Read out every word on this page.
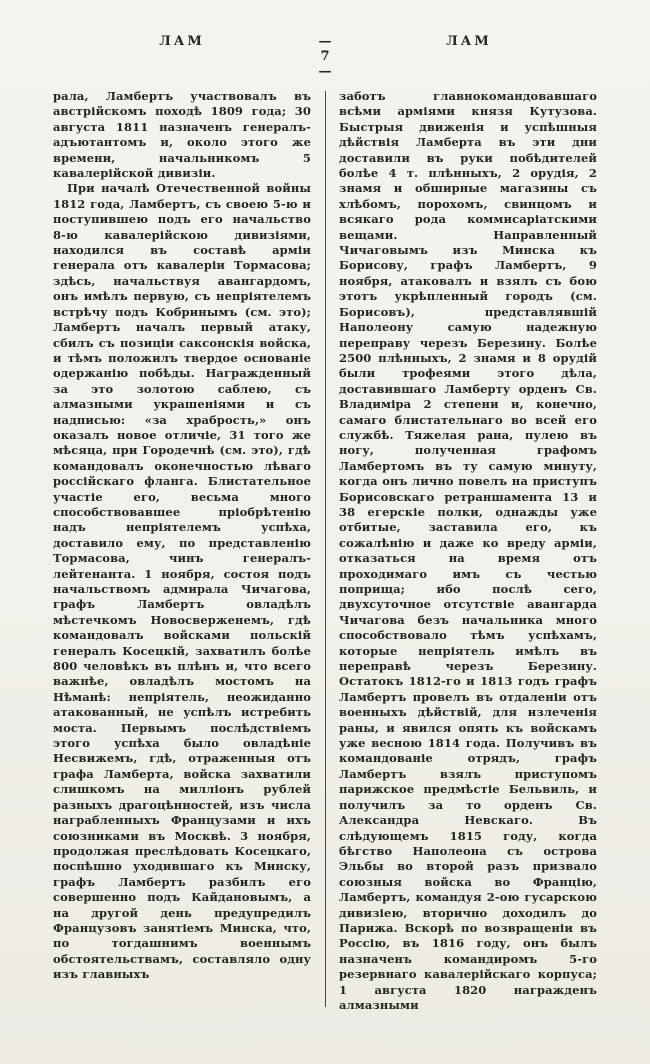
ЛАМ	— 7 —
ЛАМ

рала, Ламбертъ участвовалъ въ австрійскомъ походѣ 1809 года; 30 августа 1811 назначенъ генералъ-адъютантомъ и, около этого же времени, начальникомъ 5 кавалерійской дивизіи.

При началѣ Отечественной войны 1812 года, Ламбертъ, съ своею 5-ю и поступившею подъ его начальство 8-ю кавалерійскою дивизіями, находился въ составѣ арміи генерала отъ кавалеріи Тормасова; здѣсь, начальствуя авангардомъ, онъ имѣлъ первую, съ непріятелемъ встрѣчу подъ Кобринымъ (см. это); Ламбертъ началъ первый атаку, сбилъ съ позиціи саксонскія войска, и тѣмъ положилъ твердое основаніе одержанію побѣды. Награжденный за это золотою саблею, съ алмазными украшеніями и съ надписью: «за храбрость,» онъ оказалъ новое отличіе, 31 того же мѣсяца, при Городечнѣ (см. это), гдѣ командовалъ оконечностью лѣваго россійскаго фланга. Блистательное участіе его, весьма много способствовавшее пріобрѣтенію надъ непріятелемъ успѣха, доставило ему, по представленію Тормасова, чинъ генералъ-лейтенанта. 1 ноября, состоя подъ начальствомъ адмирала Чичагова, графъ Ламбертъ овладѣлъ мѣстечкомъ Новосверженемъ, гдѣ командовалъ войсками польскій генералъ Косецкій, захватилъ болѣе 800 человѣкъ въ плѣнъ и, что всего важнѣе, овладѣлъ мостомъ на Нѣманѣ: непріятель, неожиданно атакованный, не успѣлъ истребить моста. Первымъ послѣдствіемъ этого успѣха было овладѣніе Несвижемъ, гдѣ, отраженныя отъ графа Ламберта, войска захватили слишкомъ на милліонъ рублей разныхъ драгоцѣнностей, изъ числа награбленныхъ Французами и ихъ союзниками въ Москвѣ. 3 ноября, продолжая преслѣдовать Косецкаго, поспѣшно уходившаго къ Минску, графъ Ламбертъ разбилъ его совершенно подъ Кайдановымъ, а на другой день предупредилъ Французовъ занятіемъ Минска, что, по тогдашнимъ военнымъ обстоятельствамъ, составляло одну изъ главныхъ

заботъ главнокомандовавшаго всѣми арміями князя Кутузова. Быстрыя движенія и успѣшныя дѣйствія Ламберта въ эти дни доставили въ руки побѣдителей болѣе 4 т. плѣнныхъ, 2 орудія, 2 знамя и обширные магазины съ хлѣбомъ, порохомъ, свинцомъ и всякаго рода коммисаріатскими вещами. Направленный Чичаговымъ изъ Минска къ Борисову, графъ Ламбертъ, 9 ноября, атаковалъ и взялъ съ бою этотъ укрѣпленный городъ (см. Борисовъ), представлявшій Наполеону самую надежную переправу черезъ Березину. Болѣе 2500 плѣнныхъ, 2 знамя и 8 орудій были трофеями этого дѣла, доставившаго Ламберту орденъ Св. Владиміра 2 степени и, конечно, самаго блистательнаго во всей его службѣ. Тяжелая рана, пулею въ ногу, полученная графомъ Ламбертомъ въ ту самую минуту, когда онъ лично повелъ на приступъ Борисовскаго ретраншамента 13 и 38 егерскіе полки, однажды уже отбитые, заставила его, къ сожалѣнію и даже ко вреду арміи, отказаться на время отъ проходимаго имъ съ честью поприща; ибо послѣ сего, двухсуточное отсутствіе авангарда Чичагова безъ начальника много способствовало тѣмъ успѣхамъ, которые непріятель имѣлъ въ переправѣ черезъ Березину. Остатокъ 1812-го и 1813 годъ графъ Ламбертъ провелъ въ отдаленіи отъ военныхъ дѣйствій, для излеченія раны, и явился опять къ войскамъ уже весною 1814 года. Получивъ въ командованіе отрядъ, графъ Ламбертъ взялъ приступомъ парижское предмѣстіе Бельвиль, и получилъ за то орденъ Св. Александра Невскаго. Въ слѣдующемъ 1815 году, когда бѣгство Наполеона съ острова Эльбы во второй разъ призвало союзныя войска во Францію, Ламбертъ, командуя 2-ою гусарскою дивизіею, вторично доходилъ до Парижа. Вскорѣ по возвращеніи въ Россію, въ 1816 году, онъ былъ назначенъ командиромъ 5-го резервнаго кавалерійскаго корпуса; 1 августа 1820 награжденъ алмазными
